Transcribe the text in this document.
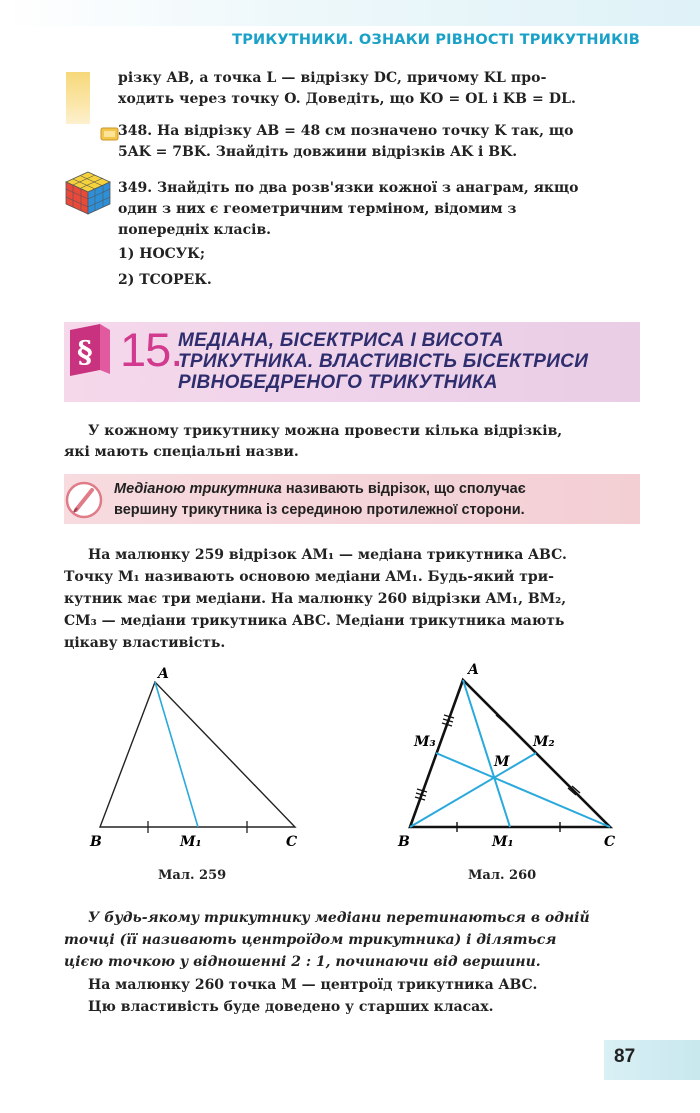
ТРИКУТНИКИ. ОЗНАКИ РІВНОСТІ ТРИКУТНИКІВ
різку AB, а точка L — відрізку DC, причому KL про-
ходить через точку O. Доведіть, що KO = OL і KB = DL.
348. На відрізку AB = 48 см позначено точку K так, що
5AK = 7BK. Знайдіть довжини відрізків AK і BK.
349. Знайдіть по два розв'язки кожної з анаграм, якщо
один з них є геометричним терміном, відомим з
попередніх класів.
1) НОСУК;
2) ТСОРЕК.
§ 15.
МЕДІАНА, БІСЕКТРИСА І ВИСОТА
ТРИКУТНИКА. ВЛАСТИВІСТЬ БІСЕКТРИСИ
РІВНОБЕДРЕНОГО ТРИКУТНИКА
У кожному трикутнику можна провести кілька відрізків,
які мають спеціальні назви.
Медіаною трикутника називають відрізок, що сполучає
вершину трикутника із серединою протилежної сторони.
На малюнку 259 відрізок AM₁ — медіана трикутника ABC.
Точку M₁ називають основою медіани AM₁. Будь-який три-
кутник має три медіани. На малюнку 260 відрізки AM₁, BM₂,
CM₃ — медіани трикутника ABC. Медіани трикутника мають
цікаву властивість.
A
B	C
M₁
Мал. 259
A
B	C
M
M₁
M₂
M₃
Мал. 260
У будь-якому трикутнику медіани перетинаються в одній
точці (її називають центроїдом трикутника) і діляться
цією точкою у відношенні 2 : 1, починаючи від вершини.
На малюнку 260 точка M — центроїд трикутника ABC.
Цю властивість буде доведено у старших класах.
87
